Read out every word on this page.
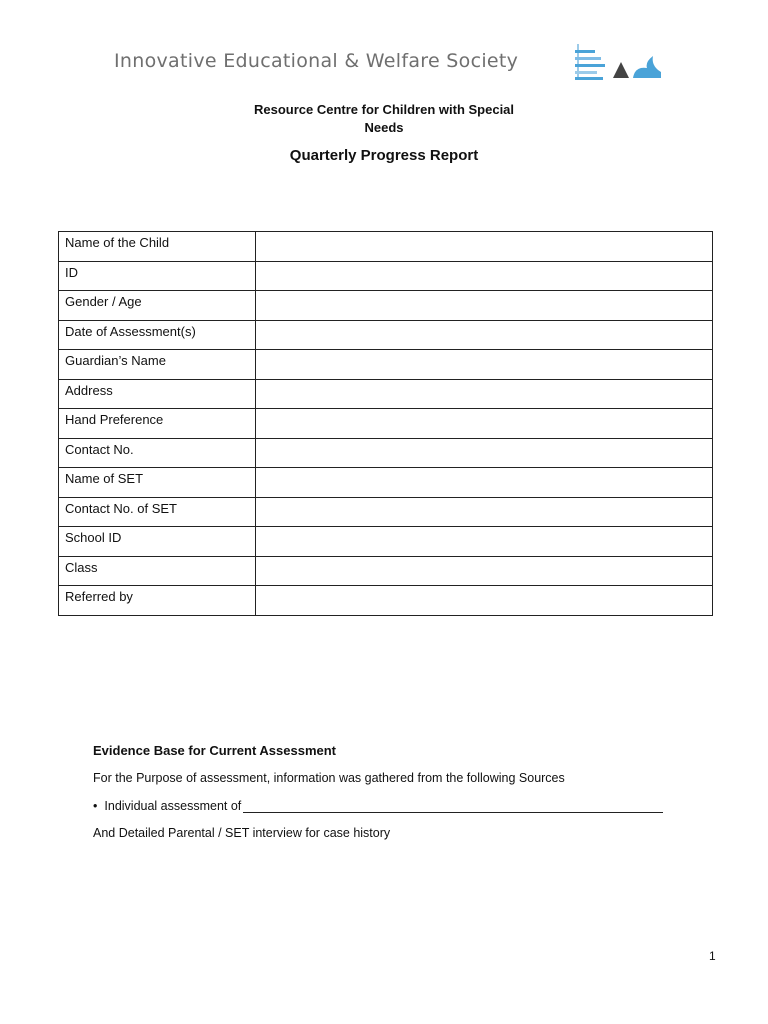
Innovative Educational & Welfare Society
Resource Centre for Children with Special
Needs
Quarterly Progress Report
Name of the Child	
ID	
Gender / Age	
Date of Assessment(s)	
Guardian’s Name	
Address	
Hand Preference	
Contact No.	
Name of SET	
Contact No. of SET	
School ID	
Class	
Referred by	
Evidence Base for Current Assessment
For the Purpose of assessment, information was gathered from the following Sources
• Individual assessment of
And Detailed Parental / SET interview for case history
1
